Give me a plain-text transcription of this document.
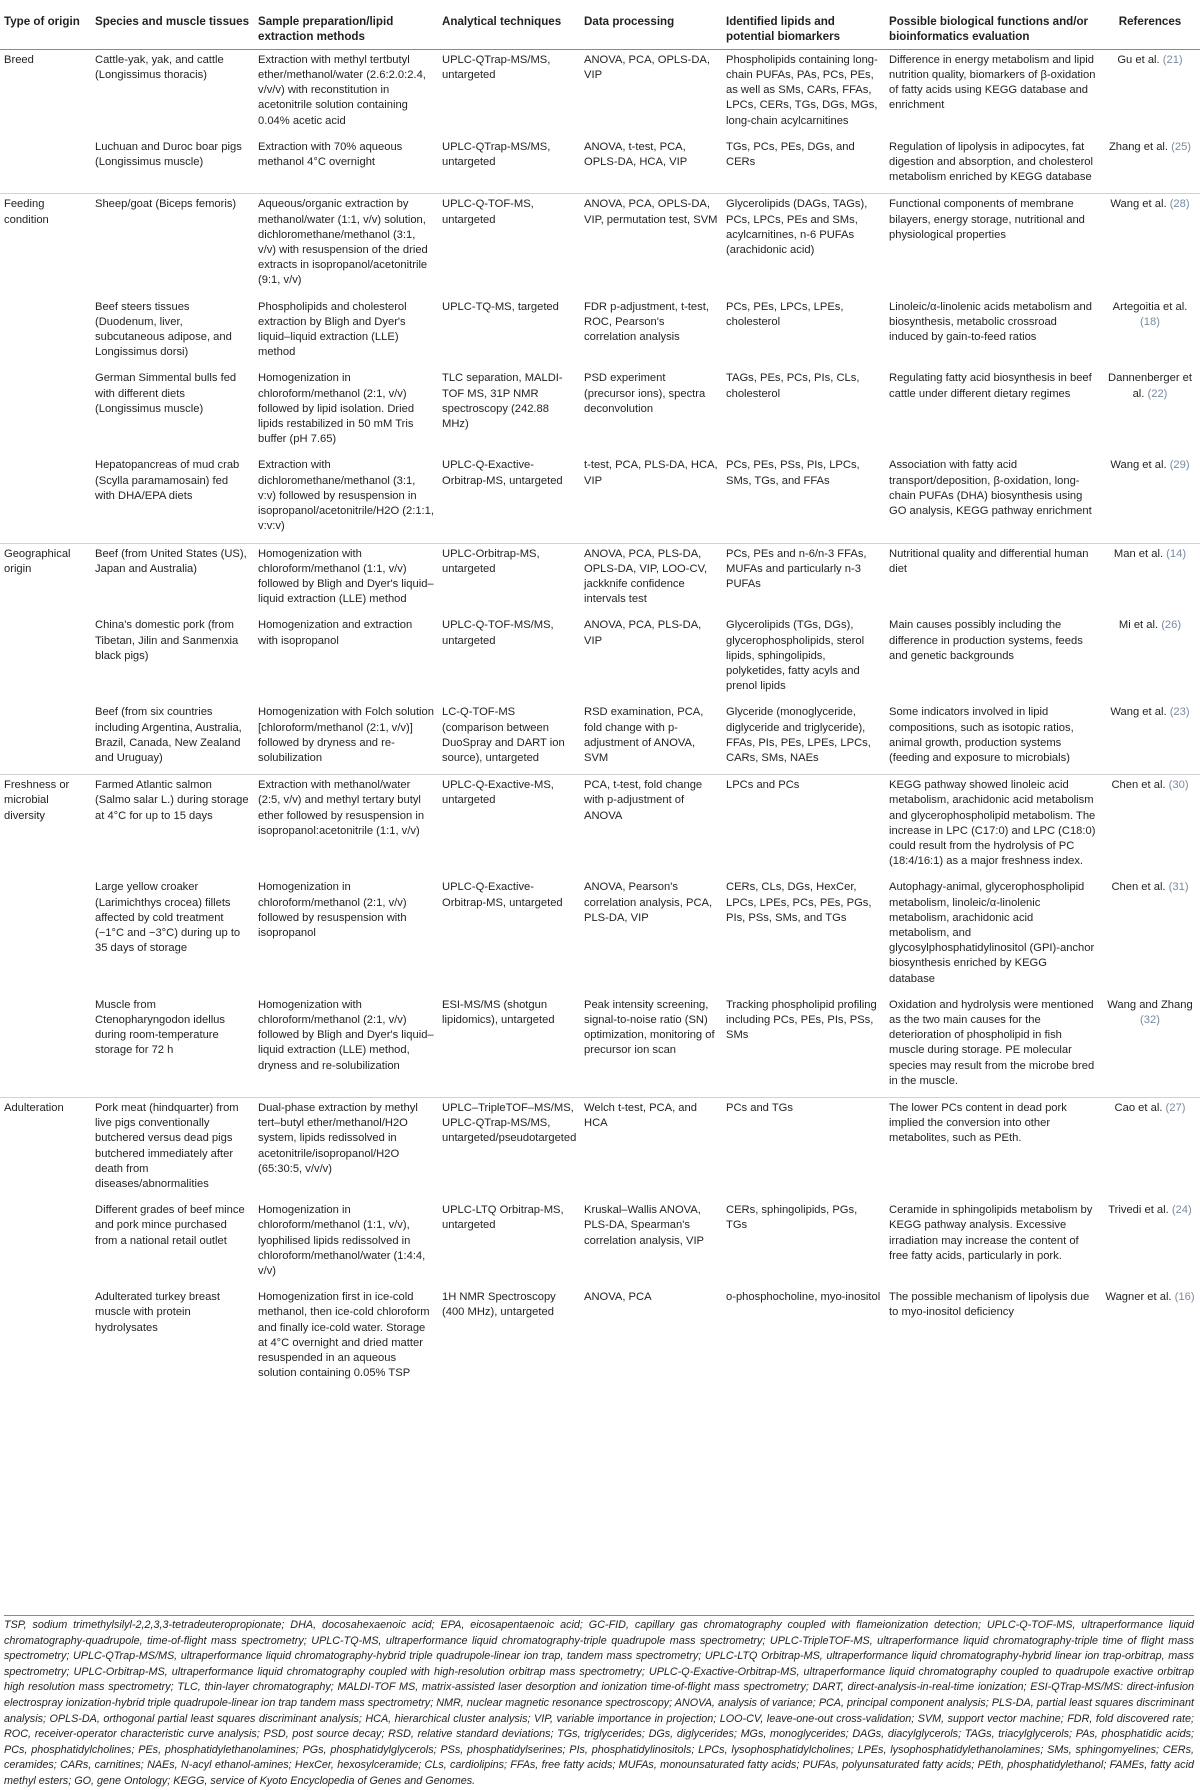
Type of origin	Species and muscle tissues	Sample preparation/lipid extraction methods	Analytical techniques	Data processing	Identified lipids and potential biomarkers	Possible biological functions and/or bioinformatics evaluation	References
Breed	Cattle-yak, yak, and cattle (Longissimus thoracis)	Extraction with methyl tertbutyl ether/methanol/water (2.6:2.0:2.4, v/v/v) with reconstitution in acetonitrile solution containing 0.04% acetic acid	UPLC-QTrap-MS/MS, untargeted	ANOVA, PCA, OPLS-DA, VIP	Phospholipids containing long-chain PUFAs, PAs, PCs, PEs, as well as SMs, CARs, FFAs, LPCs, CERs, TGs, DGs, MGs, long-chain acylcarnitines	Difference in energy metabolism and lipid nutrition quality, biomarkers of β-oxidation of fatty acids using KEGG database and enrichment	Gu et al. (21)
	Luchuan and Duroc boar pigs (Longissimus muscle)	Extraction with 70% aqueous methanol 4°C overnight	UPLC-QTrap-MS/MS, untargeted	ANOVA, t-test, PCA, OPLS-DA, HCA, VIP	TGs, PCs, PEs, DGs, and CERs	Regulation of lipolysis in adipocytes, fat digestion and absorption, and cholesterol metabolism enriched by KEGG database	Zhang et al. (25)
Feeding condition	Sheep/goat (Biceps femoris)	Aqueous/organic extraction by methanol/water (1:1, v/v) solution, dichloromethane/methanol (3:1, v/v) with resuspension of the dried extracts in isopropanol/acetonitrile (9:1, v/v)	UPLC-Q-TOF-MS, untargeted	ANOVA, PCA, OPLS-DA, VIP, permutation test, SVM	Glycerolipids (DAGs, TAGs), PCs, LPCs, PEs and SMs, acylcarnitines, n-6 PUFAs (arachidonic acid)	Functional components of membrane bilayers, energy storage, nutritional and physiological properties	Wang et al. (28)
	Beef steers tissues (Duodenum, liver, subcutaneous adipose, and Longissimus dorsi)	Phospholipids and cholesterol extraction by Bligh and Dyer's liquid–liquid extraction (LLE) method	UPLC-TQ-MS, targeted	FDR p-adjustment, t-test, ROC, Pearson's correlation analysis	PCs, PEs, LPCs, LPEs, cholesterol	Linoleic/α-linolenic acids metabolism and biosynthesis, metabolic crossroad induced by gain-to-feed ratios	Artegoitia et al. (18)
	German Simmental bulls fed with different diets (Longissimus muscle)	Homogenization in chloroform/methanol (2:1, v/v) followed by lipid isolation. Dried lipids restabilized in 50 mM Tris buffer (pH 7.65)	TLC separation, MALDI-TOF MS, 31P NMR spectroscopy (242.88 MHz)	PSD experiment (precursor ions), spectra deconvolution	TAGs, PEs, PCs, PIs, CLs, cholesterol	Regulating fatty acid biosynthesis in beef cattle under different dietary regimes	Dannenberger et al. (22)
	Hepatopancreas of mud crab (Scylla paramamosain) fed with DHA/EPA diets	Extraction with dichloromethane/methanol (3:1, v:v) followed by resuspension in isopropanol/acetonitrile/H2O (2:1:1, v:v:v)	UPLC-Q-Exactive-Orbitrap-MS, untargeted	t-test, PCA, PLS-DA, HCA, VIP	PCs, PEs, PSs, PIs, LPCs, SMs, TGs, and FFAs	Association with fatty acid transport/deposition, β-oxidation, long-chain PUFAs (DHA) biosynthesis using GO analysis, KEGG pathway enrichment	Wang et al. (29)
Geographical origin	Beef (from United States (US), Japan and Australia)	Homogenization with chloroform/methanol (1:1, v/v) followed by Bligh and Dyer's liquid–liquid extraction (LLE) method	UPLC-Orbitrap-MS, untargeted	ANOVA, PCA, PLS-DA, OPLS-DA, VIP, LOO-CV, jackknife confidence intervals test	PCs, PEs and n-6/n-3 FFAs, MUFAs and particularly n-3 PUFAs	Nutritional quality and differential human diet	Man et al. (14)
	China's domestic pork (from Tibetan, Jilin and Sanmenxia black pigs)	Homogenization and extraction with isopropanol	UPLC-Q-TOF-MS/MS, untargeted	ANOVA, PCA, PLS-DA, VIP	Glycerolipids (TGs, DGs), glycerophospholipids, sterol lipids, sphingolipids, polyketides, fatty acyls and prenol lipids	Main causes possibly including the difference in production systems, feeds and genetic backgrounds	Mi et al. (26)
	Beef (from six countries including Argentina, Australia, Brazil, Canada, New Zealand and Uruguay)	Homogenization with Folch solution [chloroform/methanol (2:1, v/v)] followed by dryness and re-solubilization	LC-Q-TOF-MS (comparison between DuoSpray and DART ion source), untargeted	RSD examination, PCA, fold change with p-adjustment of ANOVA, SVM	Glyceride (monoglyceride, diglyceride and triglyceride), FFAs, PIs, PEs, LPEs, LPCs, CARs, SMs, NAEs	Some indicators involved in lipid compositions, such as isotopic ratios, animal growth, production systems (feeding and exposure to microbials)	Wang et al. (23)
Freshness or microbial diversity	Farmed Atlantic salmon (Salmo salar L.) during storage at 4°C for up to 15 days	Extraction with methanol/water (2:5, v/v) and methyl tertary butyl ether followed by resuspension in isopropanol:acetonitrile (1:1, v/v)	UPLC-Q-Exactive-MS, untargeted	PCA, t-test, fold change with p-adjustment of ANOVA	LPCs and PCs	KEGG pathway showed linoleic acid metabolism, arachidonic acid metabolism and glycerophospholipid metabolism. The increase in LPC (C17:0) and LPC (C18:0) could result from the hydrolysis of PC (18:4/16:1) as a major freshness index.	Chen et al. (30)
	Large yellow croaker (Larimichthys crocea) fillets affected by cold treatment (−1°C and −3°C) during up to 35 days of storage	Homogenization in chloroform/methanol (2:1, v/v) followed by resuspension with isopropanol	UPLC-Q-Exactive-Orbitrap-MS, untargeted	ANOVA, Pearson's correlation analysis, PCA, PLS-DA, VIP	CERs, CLs, DGs, HexCer, LPCs, LPEs, PCs, PEs, PGs, PIs, PSs, SMs, and TGs	Autophagy-animal, glycerophospholipid metabolism, linoleic/α-linolenic metabolism, arachidonic acid metabolism, and glycosylphosphatidylinositol (GPI)-anchor biosynthesis enriched by KEGG database	Chen et al. (31)
	Muscle from Ctenopharyngodon idellus during room-temperature storage for 72 h	Homogenization with chloroform/methanol (2:1, v/v) followed by Bligh and Dyer's liquid–liquid extraction (LLE) method, dryness and re-solubilization	ESI-MS/MS (shotgun lipidomics), untargeted	Peak intensity screening, signal-to-noise ratio (SN) optimization, monitoring of precursor ion scan	Tracking phospholipid profiling including PCs, PEs, PIs, PSs, SMs	Oxidation and hydrolysis were mentioned as the two main causes for the deterioration of phospholipid in fish muscle during storage. PE molecular species may result from the microbe bred in the muscle.	Wang and Zhang (32)
Adulteration	Pork meat (hindquarter) from live pigs conventionally butchered versus dead pigs butchered immediately after death from diseases/abnormalities	Dual-phase extraction by methyl tert–butyl ether/methanol/H2O system, lipids redissolved in acetonitrile/isopropanol/H2O (65:30:5, v/v/v)	UPLC–TripleTOF–MS/MS, UPLC-QTrap-MS/MS, untargeted/pseudotargeted	Welch t-test, PCA, and HCA	PCs and TGs	The lower PCs content in dead pork implied the conversion into other metabolites, such as PEth.	Cao et al. (27)
	Different grades of beef mince and pork mince purchased from a national retail outlet	Homogenization in chloroform/methanol (1:1, v/v), lyophilised lipids redissolved in chloroform/methanol/water (1:4:4, v/v)	UPLC-LTQ Orbitrap-MS, untargeted	Kruskal–Wallis ANOVA, PLS-DA, Spearman's correlation analysis, VIP	CERs, sphingolipids, PGs, TGs	Ceramide in sphingolipids metabolism by KEGG pathway analysis. Excessive irradiation may increase the content of free fatty acids, particularly in pork.	Trivedi et al. (24)
	Adulterated turkey breast muscle with protein hydrolysates	Homogenization first in ice-cold methanol, then ice-cold chloroform and finally ice-cold water. Storage at 4°C overnight and dried matter resuspended in an aqueous solution containing 0.05% TSP	1H NMR Spectroscopy (400 MHz), untargeted	ANOVA, PCA	o-phosphocholine, myo-inositol	The possible mechanism of lipolysis due to myo-inositol deficiency	Wagner et al. (16)
TSP, sodium trimethylsilyl-2,2,3,3-tetradeuteropropionate; DHA, docosahexaenoic acid; EPA, eicosapentaenoic acid; GC-FID, capillary gas chromatography coupled with flameionization detection; UPLC-Q-TOF-MS, ultraperformance liquid chromatography-quadrupole, time-of-flight mass spectrometry; UPLC-TQ-MS, ultraperformance liquid chromatography-triple quadrupole mass spectrometry; UPLC-TripleTOF-MS, ultraperformance liquid chromatography-triple time of flight mass spectrometry; UPLC-QTrap-MS/MS, ultraperformance liquid chromatography-hybrid triple quadrupole-linear ion trap, tandem mass spectrometry; UPLC-LTQ Orbitrap-MS, ultraperformance liquid chromatography-hybrid linear ion trap-orbitrap, mass spectrometry; UPLC-Orbitrap-MS, ultraperformance liquid chromatography coupled with high-resolution orbitrap mass spectrometry; UPLC-Q-Exactive-Orbitrap-MS, ultraperformance liquid chromatography coupled to quadrupole exactive orbitrap high resolution mass spectrometry; TLC, thin-layer chromatography; MALDI-TOF MS, matrix-assisted laser desorption and ionization time-of-flight mass spectrometry; DART, direct-analysis-in-real-time ionization; ESI-QTrap-MS/MS: direct-infusion electrospray ionization-hybrid triple quadrupole-linear ion trap tandem mass spectrometry; NMR, nuclear magnetic resonance spectroscopy; ANOVA, analysis of variance; PCA, principal component analysis; PLS-DA, partial least squares discriminant analysis; OPLS-DA, orthogonal partial least squares discriminant analysis; HCA, hierarchical cluster analysis; VIP, variable importance in projection; LOO-CV, leave-one-out cross-validation; SVM, support vector machine; FDR, fold discovered rate; ROC, receiver-operator characteristic curve analysis; PSD, post source decay; RSD, relative standard deviations; TGs, triglycerides; DGs, diglycerides; MGs, monoglycerides; DAGs, diacylglycerols; TAGs, triacylglycerols; PAs, phosphatidic acids; PCs, phosphatidylcholines; PEs, phosphatidylethanolamines; PGs, phosphatidylglycerols; PSs, phosphatidylserines; PIs, phosphatidylinositols; LPCs, lysophosphatidylcholines; LPEs, lysophosphatidylethanolamines; SMs, sphingomyelines; CERs, ceramides; CARs, carnitines; NAEs, N-acyl ethanol-amines; HexCer, hexosylceramide; CLs, cardiolipins; FFAs, free fatty acids; MUFAs, monounsaturated fatty acids; PUFAs, polyunsaturated fatty acids; PEth, phosphatidylethanol; FAMEs, fatty acid methyl esters; GO, gene Ontology; KEGG, service of Kyoto Encyclopedia of Genes and Genomes.
